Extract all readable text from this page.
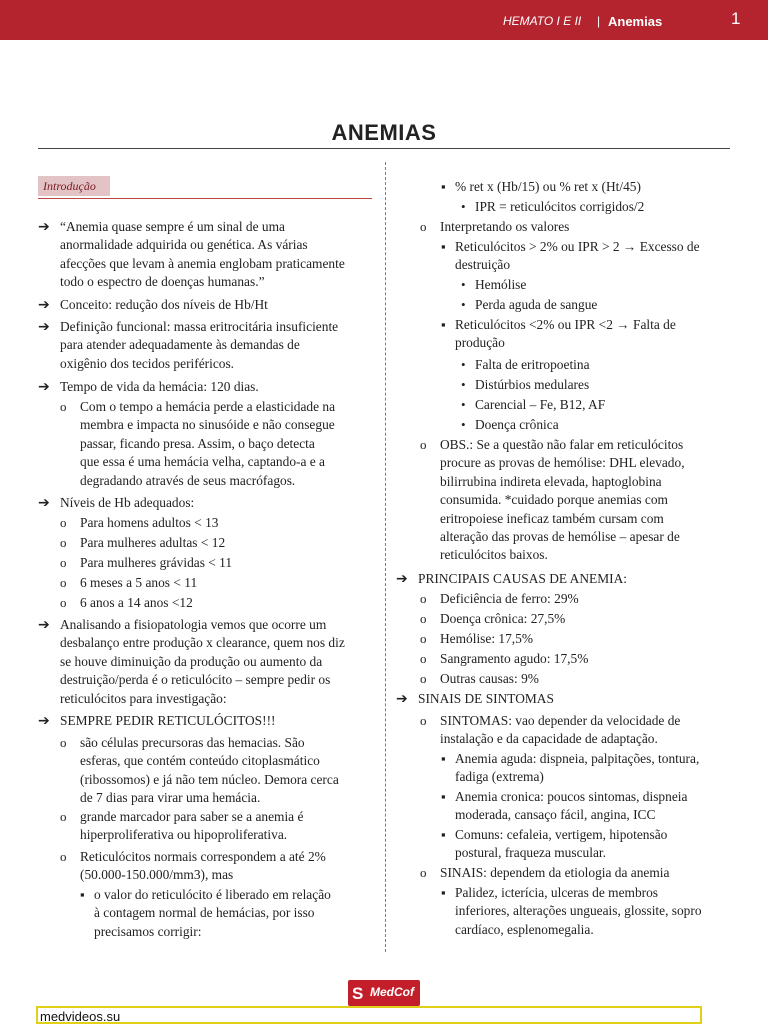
HEMATO I E II | Anemias	1
ANEMIAS
Introdução
➔ “Anemia quase sempre é um sinal de uma
anormalidade adquirida ou genética. As várias
afecções que levam à anemia englobam praticamente
todo o espectro de doenças humanas.”
➔ Conceito: redução dos níveis de Hb/Ht
➔ Definição funcional: massa eritrocitária insuficiente
para atender adequadamente às demandas de
oxigênio dos tecidos periféricos.
➔ Tempo de vida da hemácia: 120 dias.
o Com o tempo a hemácia perde a elasticidade na
membra e impacta no sinusóide e não consegue
passar, ficando presa. Assim, o baço detecta
que essa é uma hemácia velha, captando-a e a
degradando através de seus macrófagos.
➔ Níveis de Hb adequados:
o Para homens adultos < 13
o Para mulheres adultas < 12
o Para mulheres grávidas < 11
o 6 meses a 5 anos < 11
o 6 anos a 14 anos <12
➔ Analisando a fisiopatologia vemos que ocorre um
desbalanço entre produção x clearance, quem nos diz
se houve diminuição da produção ou aumento da
destruição/perda é o reticulócito – sempre pedir os
reticulócitos para investigação:
➔ SEMPRE PEDIR RETICULÓCITOS!!!
o são células precursoras das hemacias. São
esferas, que contém conteúdo citoplasmático
(ribossomos) e já não tem núcleo. Demora cerca
de 7 dias para virar uma hemácia.
o grande marcador para saber se a anemia é
hiperproliferativa ou hipoproliferativa.
o Reticulócitos normais correspondem a até 2%
(50.000-150.000/mm3), mas
▪ o valor do reticulócito é liberado em relação
à contagem normal de hemácias, por isso
precisamos corrigir:
▪ % ret x (Hb/15) ou % ret x (Ht/45)
• IPR = reticulócitos corrigidos/2
o Interpretando os valores
▪ Reticulócitos > 2% ou IPR > 2 → Excesso de
destruição
• Hemólise
• Perda aguda de sangue
▪ Reticulócitos <2% ou IPR <2 → Falta de
produção
• Falta de eritropoetina
• Distúrbios medulares
• Carencial – Fe, B12, AF
• Doença crônica
o OBS.: Se a questão não falar em reticulócitos
procure as provas de hemólise: DHL elevado,
bilirrubina indireta elevada, haptoglobina
consumida. *cuidado porque anemias com
eritropoiese ineficaz também cursam com
alteração das provas de hemólise – apesar de
reticulócitos baixos.
➔ PRINCIPAIS CAUSAS DE ANEMIA:
o Deficiência de ferro: 29%
o Doença crônica: 27,5%
o Hemólise: 17,5%
o Sangramento agudo: 17,5%
o Outras causas: 9%
➔ SINAIS DE SINTOMAS
o SINTOMAS: vao depender da velocidade de
instalação e da capacidade de adaptação.
▪ Anemia aguda: dispneia, palpitações, tontura,
fadiga (extrema)
▪ Anemia cronica: poucos sintomas, dispneia
moderada, cansaço fácil, angina, ICC
▪ Comuns: cefaleia, vertigem, hipotensão
postural, fraqueza muscular.
o SINAIS: dependem da etiologia da anemia
▪ Palidez, icterícia, ulceras de membros
inferiores, alterações ungueais, glossite, sopro
cardíaco, esplenomegalia.
S MedCof
medvideos.su
